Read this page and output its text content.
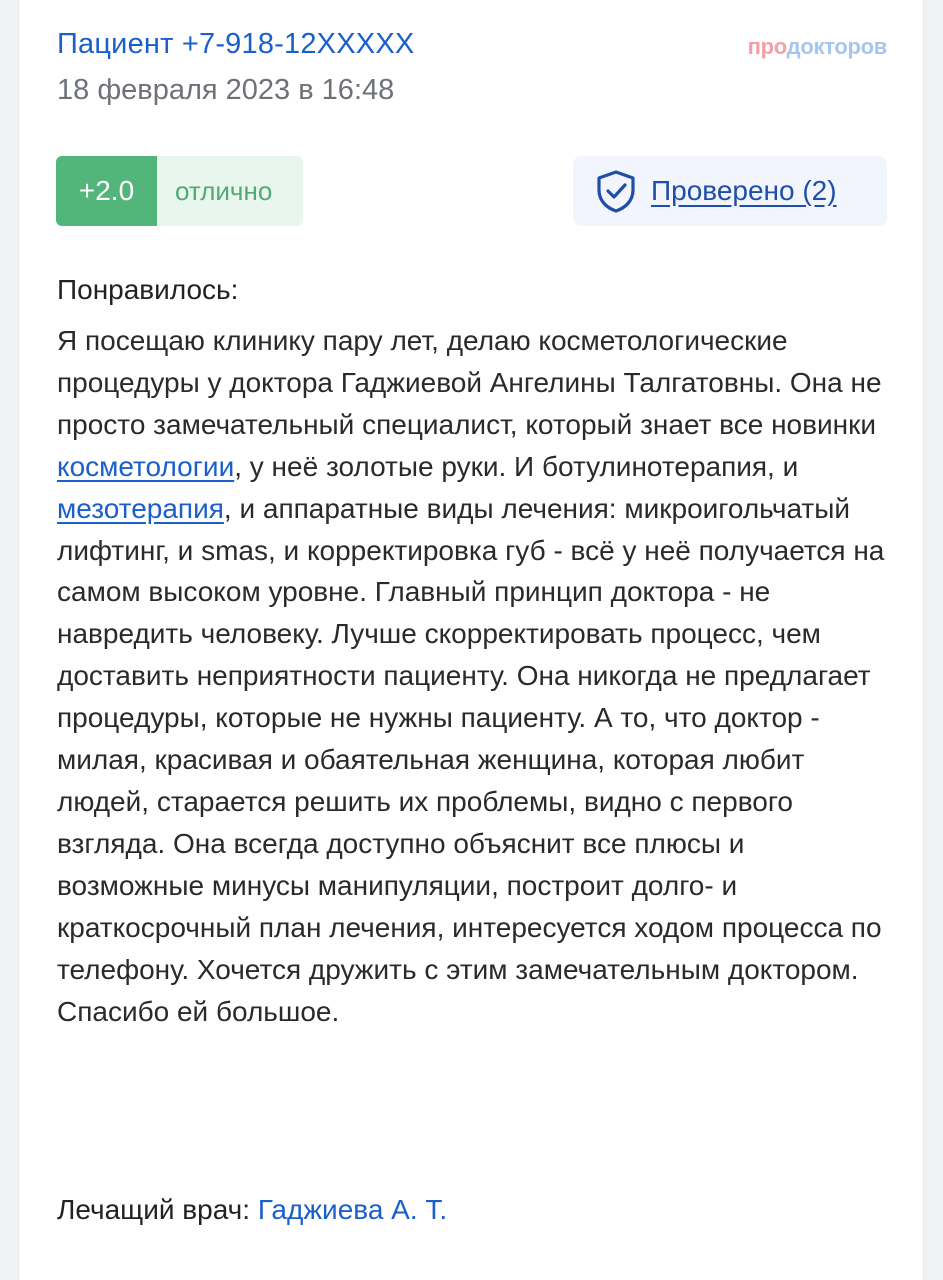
Пациент +7-918-12XXXXX
18 февраля 2023 в 16:48
продокторов
+2.0	отлично	Проверено (2)
Понравилось:
Я посещаю клинику пару лет, делаю косметологические процедуры у доктора Гаджиевой Ангелины Талгатовны. Она не просто замечательный специалист, который знает все новинки косметологии, у неё золотые руки. И ботулинотерапия, и мезотерапия, и аппаратные виды лечения: микроигольчатый лифтинг, и smas, и корректировка губ - всё у неё получается на самом высоком уровне. Главный принцип доктора - не навредить человеку. Лучше скорректировать процесс, чем доставить неприятности пациенту. Она никогда не предлагает процедуры, которые не нужны пациенту. А то, что доктор - милая, красивая и обаятельная женщина, которая любит людей, старается решить их проблемы, видно с первого взгляда. Она всегда доступно объяснит все плюсы и возможные минусы манипуляции, построит долго- и краткосрочный план лечения, интересуется ходом процесса по телефону. Хочется дружить с этим замечательным доктором. Спасибо ей большое.
Лечащий врач: Гаджиева А. Т.
